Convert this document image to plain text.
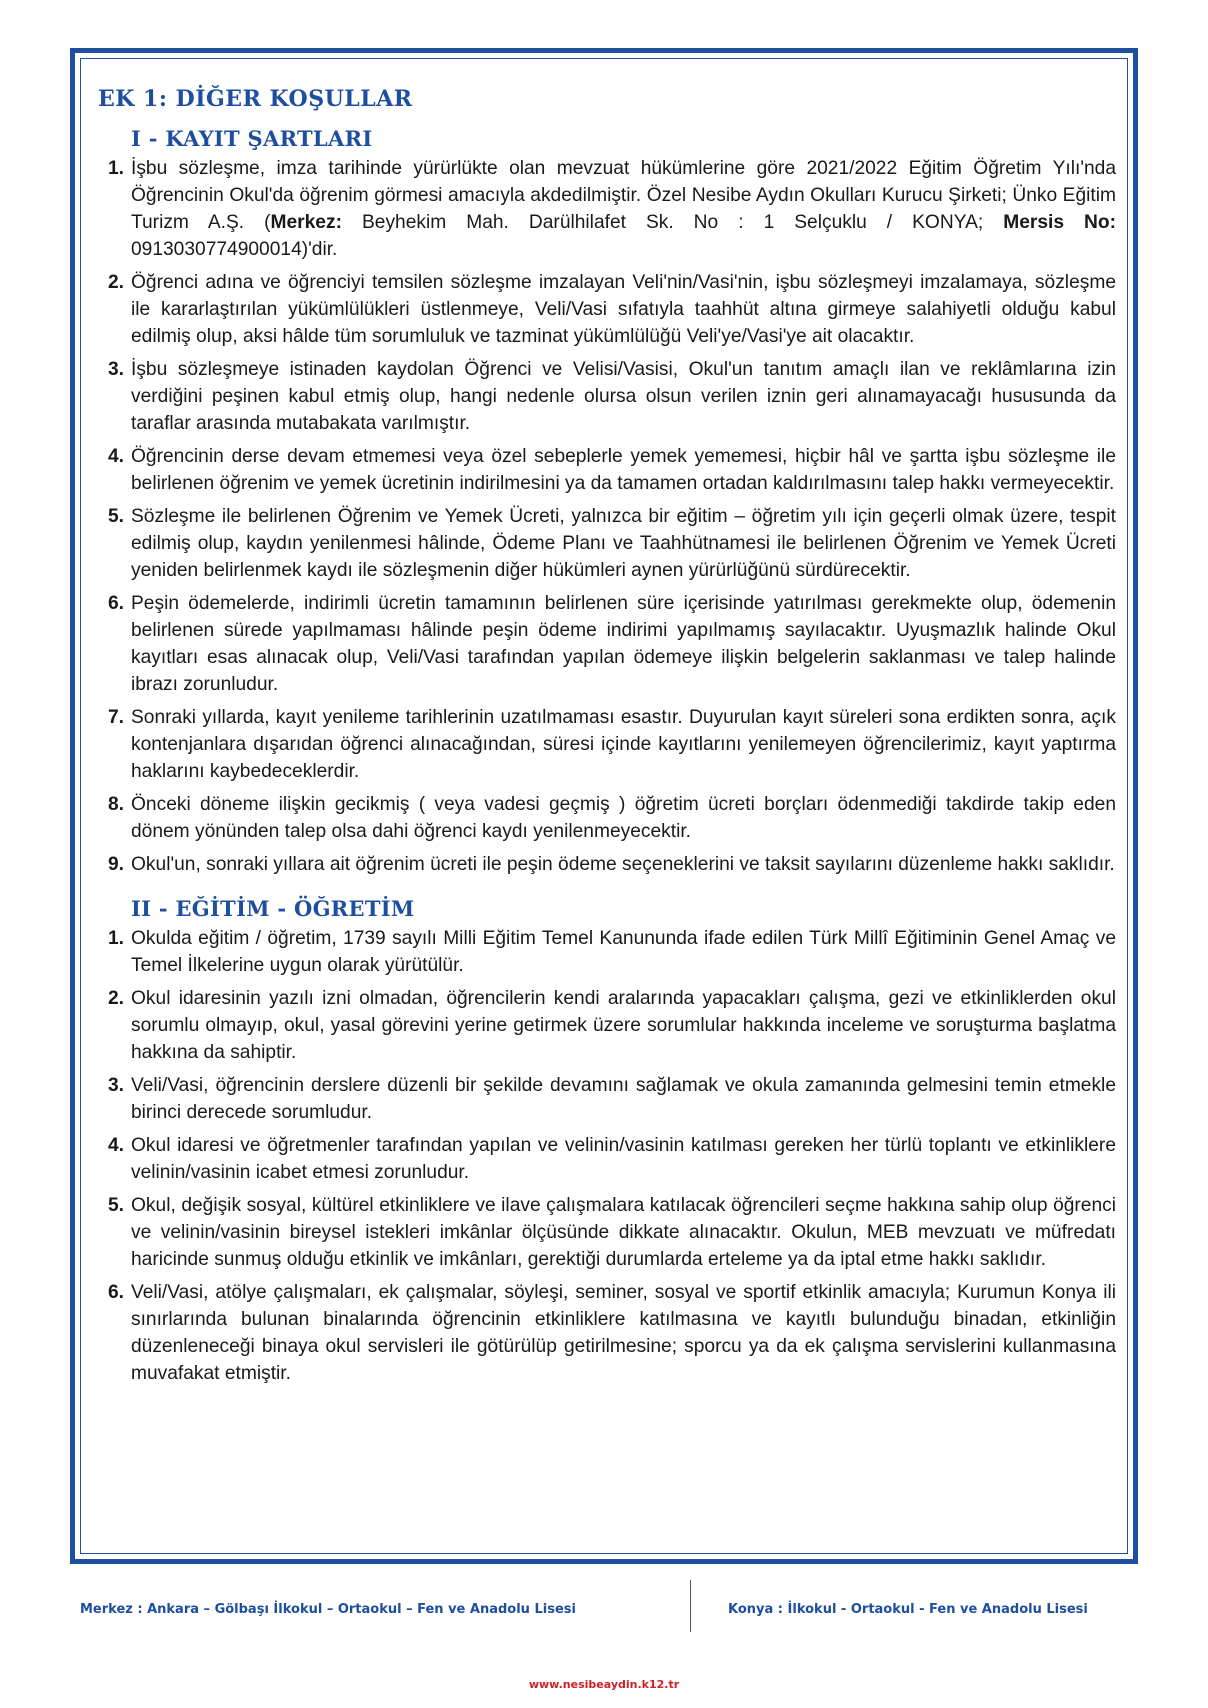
EK 1: DİĞER KOŞULLAR
I - KAYIT ŞARTLARI
1. İşbu sözleşme, imza tarihinde yürürlükte olan mevzuat hükümlerine göre 2021/2022 Eğitim Öğretim Yılı'nda Öğrencinin Okul'da öğrenim görmesi amacıyla akdedilmiştir. Özel Nesibe Aydın Okulları Kurucu Şirketi; Ünko Eğitim Turizm A.Ş. (Merkez: Beyhekim Mah. Darülhilafet Sk. No : 1 Selçuklu / KONYA; Mersis No: 0913030774900014)'dir.
2. Öğrenci adına ve öğrenciyi temsilen sözleşme imzalayan Veli'nin/Vasi'nin, işbu sözleşmeyi imzalamaya, sözleşme ile kararlaştırılan yükümlülükleri üstlenmeye, Veli/Vasi sıfatıyla taahhüt altına girmeye salahiyetli olduğu kabul edilmiş olup, aksi hâlde tüm sorumluluk ve tazminat yükümlülüğü Veli'ye/Vasi'ye ait olacaktır.
3. İşbu sözleşmeye istinaden kaydolan Öğrenci ve Velisi/Vasisi, Okul'un tanıtım amaçlı ilan ve reklâmlarına izin verdiğini peşinen kabul etmiş olup, hangi nedenle olursa olsun verilen iznin geri alınamayacağı hususunda da taraflar arasında mutabakata varılmıştır.
4. Öğrencinin derse devam etmemesi veya özel sebeplerle yemek yememesi, hiçbir hâl ve şartta işbu sözleşme ile belirlenen öğrenim ve yemek ücretinin indirilmesini ya da tamamen ortadan kaldırılmasını talep hakkı vermeyecektir.
5. Sözleşme ile belirlenen Öğrenim ve Yemek Ücreti, yalnızca bir eğitim – öğretim yılı için geçerli olmak üzere, tespit edilmiş olup, kaydın yenilenmesi hâlinde, Ödeme Planı ve Taahhütnamesi ile belirlenen Öğrenim ve Yemek Ücreti yeniden belirlenmek kaydı ile sözleşmenin diğer hükümleri aynen yürürlüğünü sürdürecektir.
6. Peşin ödemelerde, indirimli ücretin tamamının belirlenen süre içerisinde yatırılması gerekmekte olup, ödemenin belirlenen sürede yapılmaması hâlinde peşin ödeme indirimi yapılmamış sayılacaktır. Uyuşmazlık halinde Okul kayıtları esas alınacak olup, Veli/Vasi tarafından yapılan ödemeye ilişkin belgelerin saklanması ve talep halinde ibrazı zorunludur.
7. Sonraki yıllarda, kayıt yenileme tarihlerinin uzatılmaması esastır. Duyurulan kayıt süreleri sona erdikten sonra, açık kontenjanlara dışarıdan öğrenci alınacağından, süresi içinde kayıtlarını yenilemeyen öğrencilerimiz, kayıt yaptırma haklarını kaybedeceklerdir.
8. Önceki döneme ilişkin gecikmiş ( veya vadesi geçmiş ) öğretim ücreti borçları ödenmediği takdirde takip eden dönem yönünden talep olsa dahi öğrenci kaydı yenilenmeyecektir.
9. Okul'un, sonraki yıllara ait öğrenim ücreti ile peşin ödeme seçeneklerini ve taksit sayılarını düzenleme hakkı saklıdır.
II - EĞİTİM - ÖĞRETİM
1. Okulda eğitim / öğretim, 1739 sayılı Milli Eğitim Temel Kanununda ifade edilen Türk Millî Eğitiminin Genel Amaç ve Temel İlkelerine uygun olarak yürütülür.
2. Okul idaresinin yazılı izni olmadan, öğrencilerin kendi aralarında yapacakları çalışma, gezi ve etkinliklerden okul sorumlu olmayıp, okul, yasal görevini yerine getirmek üzere sorumlular hakkında inceleme ve soruşturma başlatma hakkına da sahiptir.
3. Veli/Vasi, öğrencinin derslere düzenli bir şekilde devamını sağlamak ve okula zamanında gelmesini temin etmekle birinci derecede sorumludur.
4. Okul idaresi ve öğretmenler tarafından yapılan ve velinin/vasinin katılması gereken her türlü toplantı ve etkinliklere velinin/vasinin icabet etmesi zorunludur.
5. Okul, değişik sosyal, kültürel etkinliklere ve ilave çalışmalara katılacak öğrencileri seçme hakkına sahip olup öğrenci ve velinin/vasinin bireysel istekleri imkânlar ölçüsünde dikkate alınacaktır. Okulun, MEB mevzuatı ve müfredatı haricinde sunmuş olduğu etkinlik ve imkânları, gerektiği durumlarda erteleme ya da iptal etme hakkı saklıdır.
6. Veli/Vasi, atölye çalışmaları, ek çalışmalar, söyleşi, seminer, sosyal ve sportif etkinlik amacıyla; Kurumun Konya ili sınırlarında bulunan binalarında öğrencinin etkinliklere katılmasına ve kayıtlı bulunduğu binadan, etkinliğin düzenleneceği binaya okul servisleri ile götürülüp getirilmesine; sporcu ya da ek çalışma servislerini kullanmasına muvafakat etmiştir.
Merkez : Ankara – Gölbaşı İlkokul – Ortaokul – Fen ve Anadolu Lisesi	Konya : İlkokul - Ortaokul - Fen ve Anadolu Lisesi
www.nesibeaydin.k12.tr
